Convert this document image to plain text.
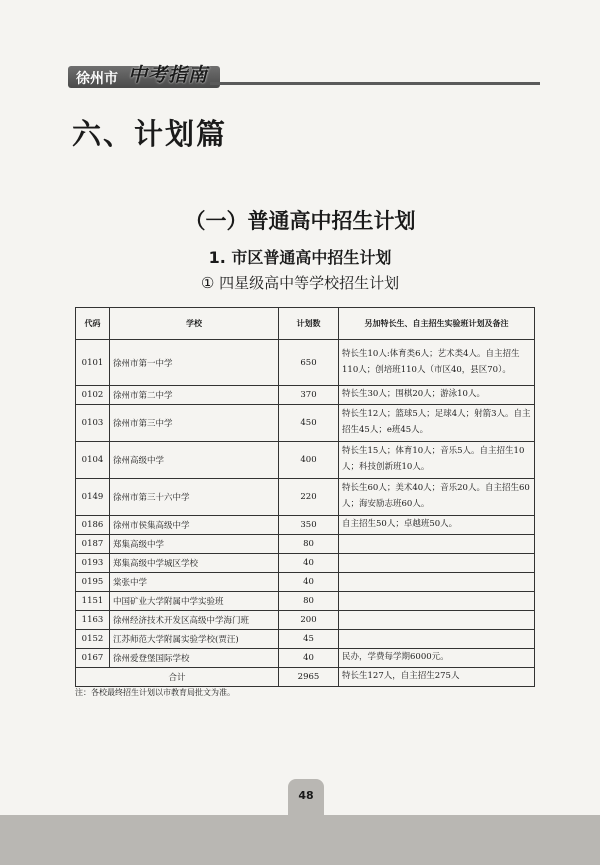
徐州市 中考指南
六、计划篇
（一）普通高中招生计划
1. 市区普通高中招生计划
① 四星级高中等学校招生计划
代码	学校	计划数	另加特长生、自主招生实验班计划及备注
0101	徐州市第一中学	650	特长生10人:体育类6人；艺术类4人。自主招生110人；创培班110人（市区40，县区70）。
0102	徐州市第二中学	370	特长生30人；围棋20人；游泳10人。
0103	徐州市第三中学	450	特长生12人；篮球5人；足球4人；射箭3人。自主招生45人；e班45人。
0104	徐州高级中学	400	特长生15人；体育10人；音乐5人。自主招生10人；科技创新班10人。
0149	徐州市第三十六中学	220	特长生60人；美术40人；音乐20人。自主招生60人；海安励志班60人。
0186	徐州市侯集高级中学	350	自主招生50人；卓越班50人。
0187	郑集高级中学	80	
0193	郑集高级中学城区学校	40	
0195	棠张中学	40	
1151	中国矿业大学附属中学实验班	80	
1163	徐州经济技术开发区高级中学海门班	200	
0152	江苏师范大学附属实验学校(贾汪)	45	
0167	徐州爱登堡国际学校	40	民办，学费每学期6000元。
合计		2965	特长生127人，自主招生275人
注：各校最终招生计划以市教育局批文为准。
48
